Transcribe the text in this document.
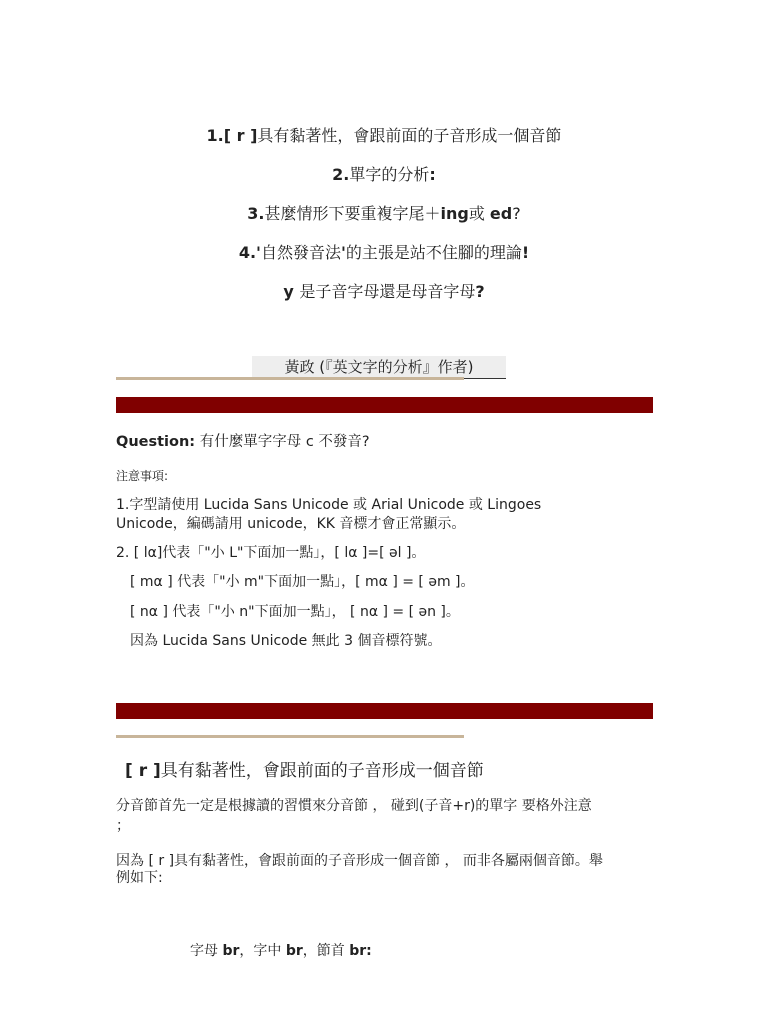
1.[ r ]具有黏著性，會跟前面的子音形成一個音節
2.單字的分析:
3.甚麼情形下要重複字尾＋ing或 ed?
4.'自然發音法'的主張是站不住腳的理論!
y 是子音字母還是母音字母?
黃政 (『英文字的分析』作者)
Question: 有什麼單字字母 c 不發音?
注意事項:
1.字型請使用 Lucida Sans Unicode 或 Arial Unicode 或 Lingoes
Unicode，編碼請用 unicode，KK 音標才會正常顯示。
2. [ lα]代表「"小 L"下面加一點」，[ lα ]=[ əl ]。
[ mα ] 代表「"小 m"下面加一點」，[ mα ] = [ əm ]。
[ nα ] 代表「"小 n"下面加一點」， [ nα ] = [ ən ]。
因為 Lucida Sans Unicode 無此 3 個音標符號。
[ r ]具有黏著性，會跟前面的子音形成一個音節
分音節首先一定是根據讀的習慣來分音節 ， 碰到(子音+r)的單字 要格外注意
；
因為 [ r ]具有黏著性，會跟前面的子音形成一個音節 ， 而非各屬兩個音節。舉
例如下:
字母 br，字中 br，節首 br:
